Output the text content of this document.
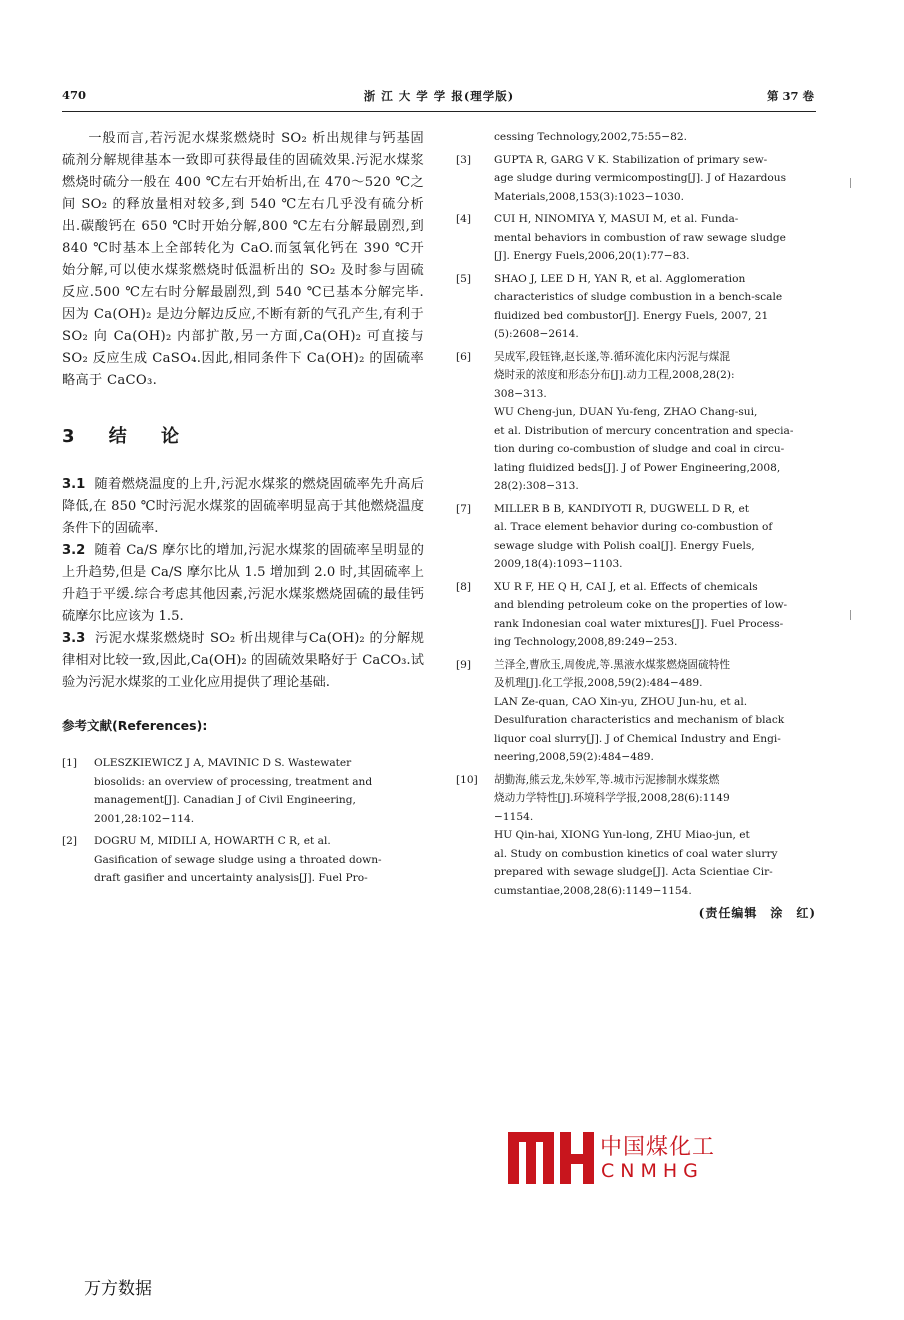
470	浙 江 大 学 学 报(理学版)	第 37 卷

一般而言,若污泥水煤浆燃烧时 SO₂ 析出规律与钙基固硫剂分解规律基本一致即可获得最佳的固硫效果.污泥水煤浆燃烧时硫分一般在 400 ℃左右开始析出,在 470～520 ℃之间 SO₂ 的释放量相对较多,到 540 ℃左右几乎没有硫分析出.碳酸钙在 650 ℃时开始分解,800 ℃左右分解最剧烈,到840 ℃时基本上全部转化为 CaO.而氢氧化钙在 390 ℃开始分解,可以使水煤浆燃烧时低温析出的 SO₂ 及时参与固硫反应.500 ℃左右时分解最剧烈,到 540 ℃已基本分解完毕.因为 Ca(OH)₂ 是边分解边反应,不断有新的气孔产生,有利于 SO₂ 向 Ca(OH)₂ 内部扩散,另一方面,Ca(OH)₂ 可直接与 SO₂ 反应生成 CaSO₄.因此,相同条件下 Ca(OH)₂ 的固硫率略高于 CaCO₃.

3 结 论

3.1 随着燃烧温度的上升,污泥水煤浆的燃烧固硫率先升高后降低,在 850 ℃时污泥水煤浆的固硫率明显高于其他燃烧温度条件下的固硫率.

3.2 随着 Ca/S 摩尔比的增加,污泥水煤浆的固硫率呈明显的上升趋势,但是 Ca/S 摩尔比从 1.5 增加到 2.0 时,其固硫率上升趋于平缓.综合考虑其他因素,污泥水煤浆燃烧固硫的最佳钙硫摩尔比应该为 1.5.

3.3 污泥水煤浆燃烧时 SO₂ 析出规律与Ca(OH)₂ 的分解规律相对比较一致,因此,Ca(OH)₂ 的固硫效果略好于 CaCO₃.试验为污泥水煤浆的工业化应用提供了理论基础.

参考文献(References):
[1] OLESZKIEWICZ J A, MAVINIC D S. Wastewater
biosolids: an overview of processing, treatment and
management[J]. Canadian J of Civil Engineering,
2001,28:102−114.
[2] DOGRU M, MIDILI A, HOWARTH C R, et al.
Gasification of sewage sludge using a throated down-
draft gasifier and uncertainty analysis[J]. Fuel Pro-
cessing Technology,2002,75:55−82.
[3] GUPTA R, GARG V K. Stabilization of primary sew-
age sludge during vermicomposting[J]. J of Hazardous
Materials,2008,153(3):1023−1030.
[4] CUI H, NINOMIYA Y, MASUI M, et al. Funda-
mental behaviors in combustion of raw sewage sludge
[J]. Energy Fuels,2006,20(1):77−83.
[5] SHAO J, LEE D H, YAN R, et al. Agglomeration
characteristics of sludge combustion in a bench-scale
fluidized bed combustor[J]. Energy Fuels, 2007, 21
(5):2608−2614.
[6] 吴成军,段钰锋,赵长遂,等.循环流化床内污泥与煤混
烧时汞的浓度和形态分布[J].动力工程,2008,28(2):
308−313.
WU Cheng-jun, DUAN Yu-feng, ZHAO Chang-sui,
et al. Distribution of mercury concentration and specia-
tion during co-combustion of sludge and coal in circu-
lating fluidized beds[J]. J of Power Engineering,2008,
28(2):308−313.
[7] MILLER B B, KANDIYOTI R, DUGWELL D R, et
al. Trace element behavior during co-combustion of
sewage sludge with Polish coal[J]. Energy Fuels,
2009,18(4):1093−1103.
[8] XU R F, HE Q H, CAI J, et al. Effects of chemicals
and blending petroleum coke on the properties of low-
rank Indonesian coal water mixtures[J]. Fuel Process-
ing Technology,2008,89:249−253.
[9] 兰泽全,曹欣玉,周俊虎,等.黑液水煤浆燃烧固硫特性
及机理[J].化工学报,2008,59(2):484−489.
LAN Ze-quan, CAO Xin-yu, ZHOU Jun-hu, et al.
Desulfuration characteristics and mechanism of black
liquor coal slurry[J]. J of Chemical Industry and Engi-
neering,2008,59(2):484−489.
[10] 胡勤海,熊云龙,朱妙军,等.城市污泥掺制水煤浆燃
烧动力学特性[J].环境科学学报,2008,28(6):1149
−1154.
HU Qin-hai, XIONG Yun-long, ZHU Miao-jun, et
al. Study on combustion kinetics of coal water slurry
prepared with sewage sludge[J]. Acta Scientiae Cir-
cumstantiae,2008,28(6):1149−1154.
(责任编辑　涂　红)
中国煤化工
CNMHG
万方数据
